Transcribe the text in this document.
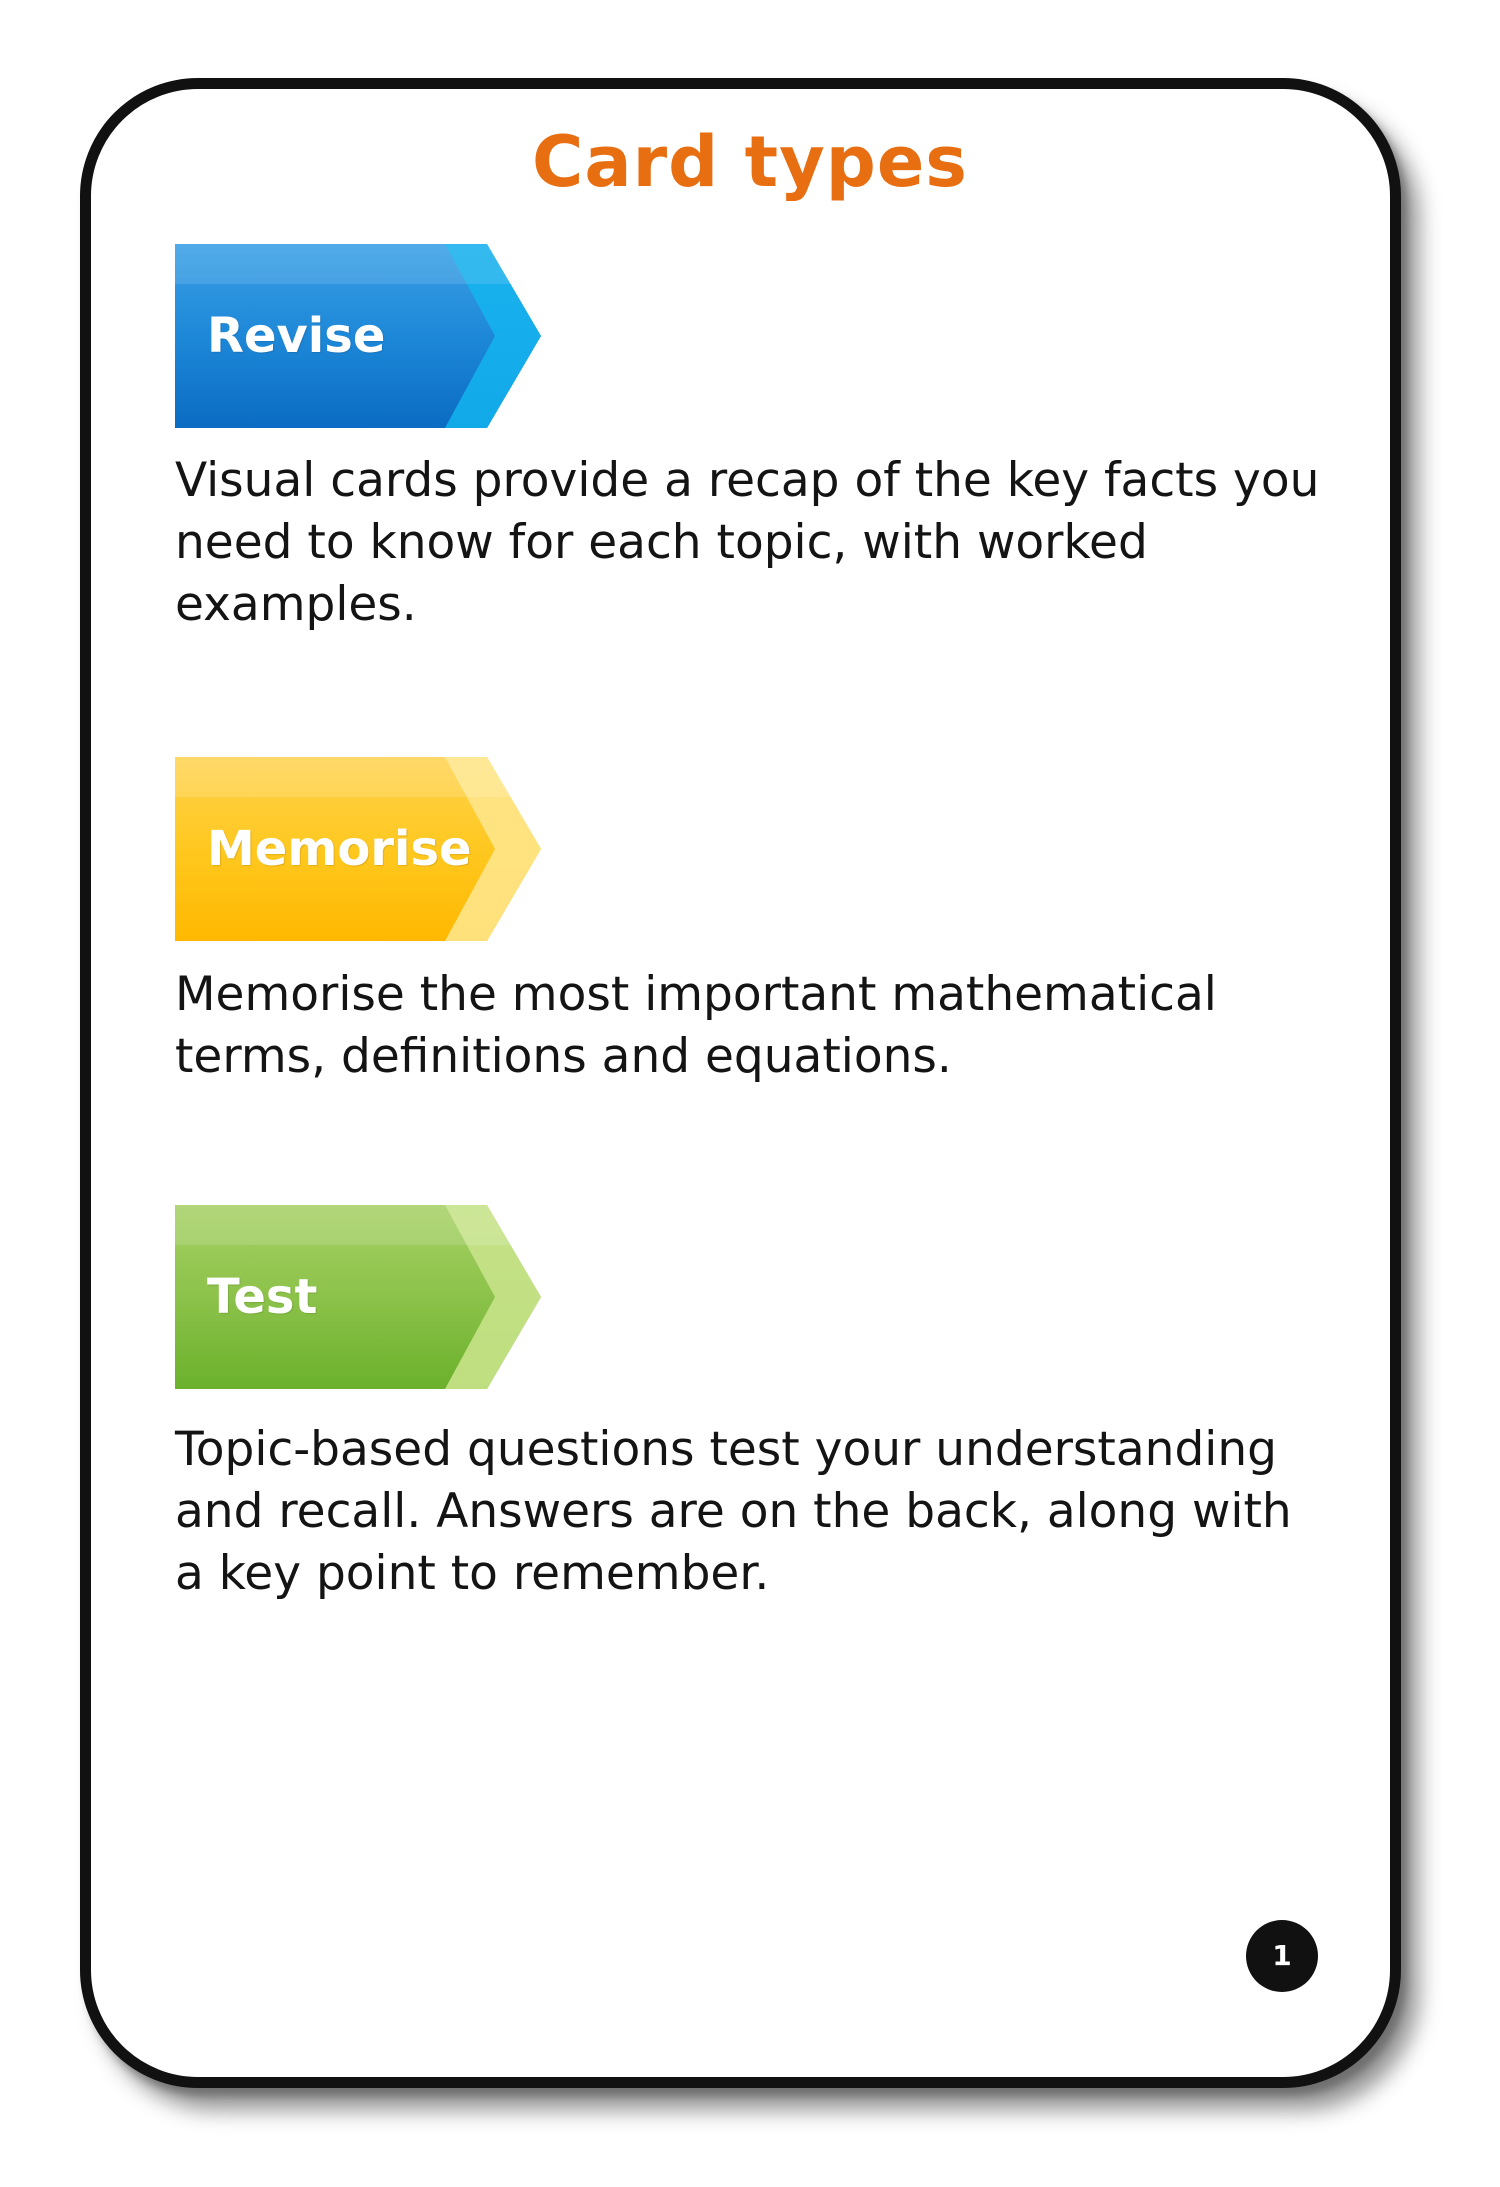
Card types
Revise

Visual cards provide a recap of the key facts you need to know for each topic, with worked examples.

Memorise

Memorise the most important mathematical terms, definitions and equations.

Test

Topic-based questions test your understanding and recall. Answers are on the back, along with a key point to remember.

1
